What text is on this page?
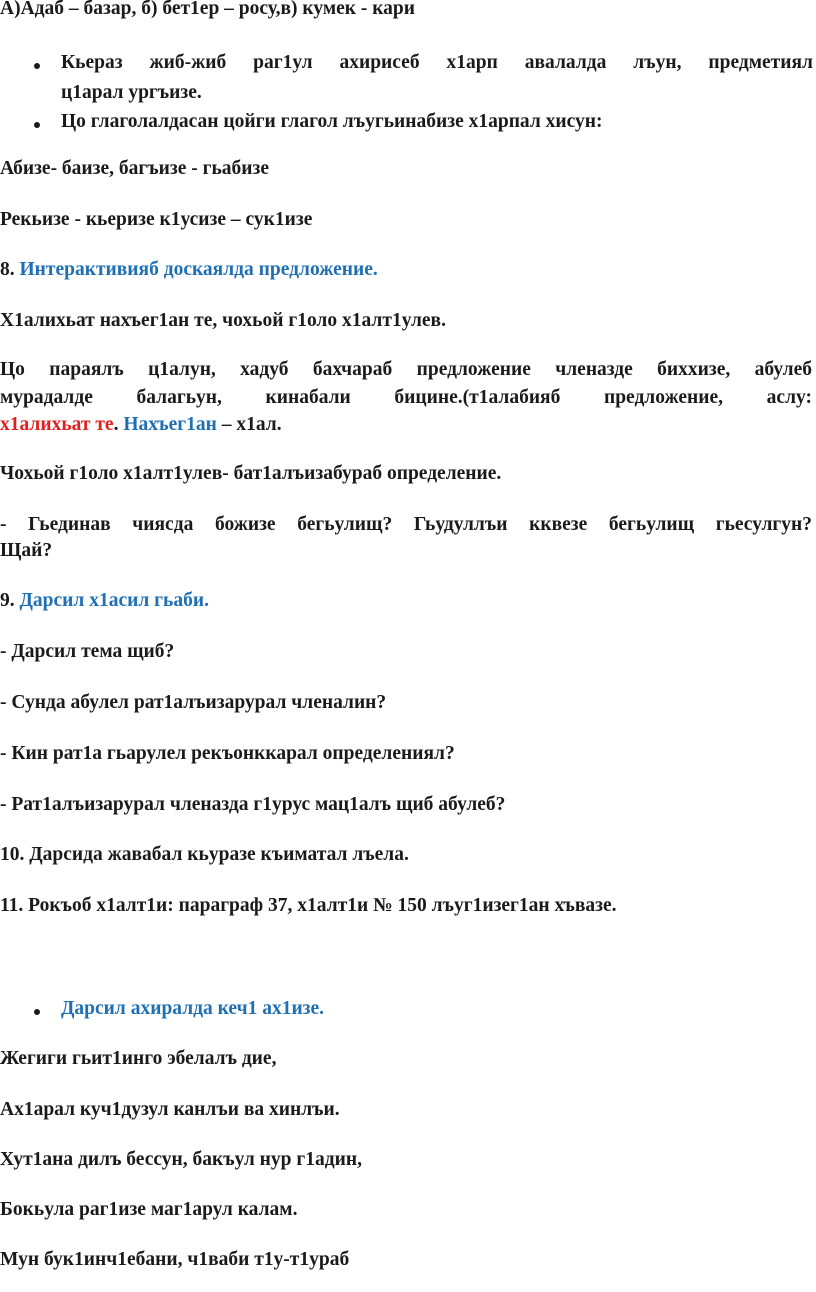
А)Адаб – базар, б) бет1ер – росу,в) кумек - кари
Кьераз жиб-жиб раг1ул ахирисеб х1арп авалалда лъун, предметиял
ц1арал ургъизе.
Цо глаголалдасан цойги глагол лъугьинабизе х1арпал хисун:
Абизе- баизе, багъизе - гьабизе
Рекьизе - кьеризе к1усизе – сук1изе
8. Интерактивияб доскаялда предложение.
Х1алихьат нахъег1ан те, чохьой г1оло х1алт1улев.
Цо параялъ ц1алун, хадуб бахчараб предложение членазде бихxизе, абулеб
мурадалде балагьун, кинабали бицине.(т1алабияб предложение, аслу:
х1алихьат те. Нахъег1ан – х1ал.
Чохьой г1оло х1алт1улев- бат1алъизабураб определение.
- Гьединав чиясда божизе бегьулищ? Гьудуллъи кквезе бегьулищ гьесулгун?
Щай?
9. Дарсил х1асил гьаби.
- Дарсил тема щиб?
- Сунда абулел рат1алъизарурал членалин?
- Кин рат1а гьарулел рекъонккарал определениял?
- Рат1алъизарурал членазда г1урус мац1алъ щиб абулеб?
10. Дарсида жавабал кьуразе къиматал лъела.
11. Рокъоб х1алт1и: параграф 37, х1алт1и № 150 лъуг1изег1ан хъвазе.
Дарсил ахиралда кеч1 ах1изе.
Жегиги гьит1инго эбелалъ дие,
Ах1арал куч1дузул канлъи ва хинлъи.
Хут1ана дилъ бессун, бакъул нур г1адин,
Бокьула раг1изе маг1арул калам.
Мун бук1инч1ебани, ч1ваби т1у-т1ураб
